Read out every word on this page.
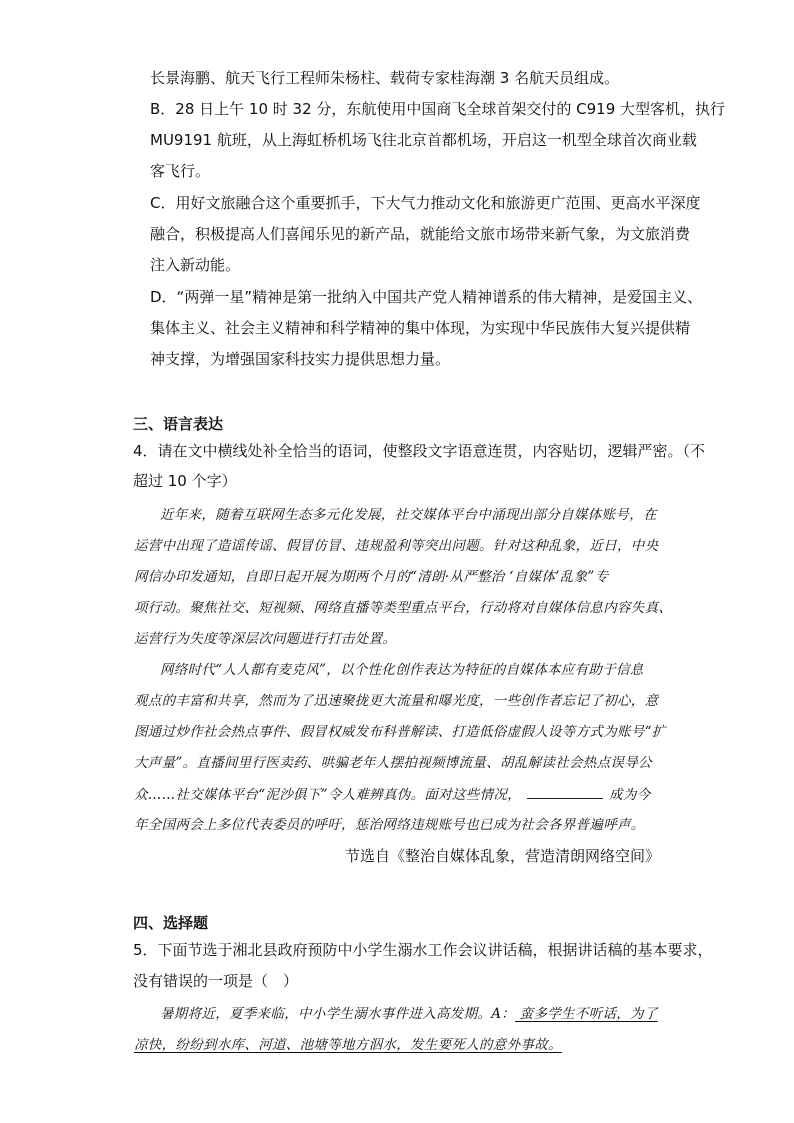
长景海鹏、航天飞行工程师朱杨柱、载荷专家桂海潮 3 名航天员组成。
B．28 日上午 10 时 32 分，东航使用中国商飞全球首架交付的 C919 大型客机，执行
MU9191 航班，从上海虹桥机场飞往北京首都机场，开启这一机型全球首次商业载
客飞行。
C．用好文旅融合这个重要抓手，下大气力推动文化和旅游更广范围、更高水平深度
融合，积极提高人们喜闻乐见的新产品，就能给文旅市场带来新气象，为文旅消费
注入新动能。
D．“两弹一星”精神是第一批纳入中国共产党人精神谱系的伟大精神，是爱国主义、
集体主义、社会主义精神和科学精神的集中体现，为实现中华民族伟大复兴提供精
神支撑，为增强国家科技实力提供思想力量。
三、语言表达
4．请在文中横线处补全恰当的语词，使整段文字语意连贯，内容贴切，逻辑严密。（不
超过 10 个字）
近年来，随着互联网生态多元化发展，社交媒体平台中涌现出部分自媒体账号，在
运营中出现了造谣传谣、假冒仿冒、违规盈利等突出问题。针对这种乱象，近日，中央
网信办印发通知，自即日起开展为期两个月的“清朗·从严整治 ‘自媒体’乱象”专
项行动。聚焦社交、短视频、网络直播等类型重点平台，行动将对自媒体信息内容失真、
运营行为失度等深层次问题进行打击处置。
网络时代“人人都有麦克风”，以个性化创作表达为特征的自媒体本应有助于信息
观点的丰富和共享，然而为了迅速聚拢更大流量和曝光度，一些创作者忘记了初心，意
图通过炒作社会热点事件、假冒权威发布科普解读、打造低俗虚假人设等方式为账号“扩
大声量”。直播间里行医卖药、哄骗老年人摆拍视频博流量、胡乱解读社会热点误导公
众……社交媒体平台“泥沙俱下”令人难辨真伪。面对这些情况，	成为今
年全国两会上多位代表委员的呼吁，惩治网络违规账号也已成为社会各界普遍呼声。
节选自《整治自媒体乱象，营造清朗网络空间》
四、选择题
5．下面节选于湘北县政府预防中小学生溺水工作会议讲话稿，根据讲话稿的基本要求，
没有错误的一项是（　）
暑期将近，夏季来临，中小学生溺水事件进入高发期。A： 蛮多学生不听话，为了
凉快，纷纷到水库、河道、池塘等地方泅水，发生要死人的意外事故。
